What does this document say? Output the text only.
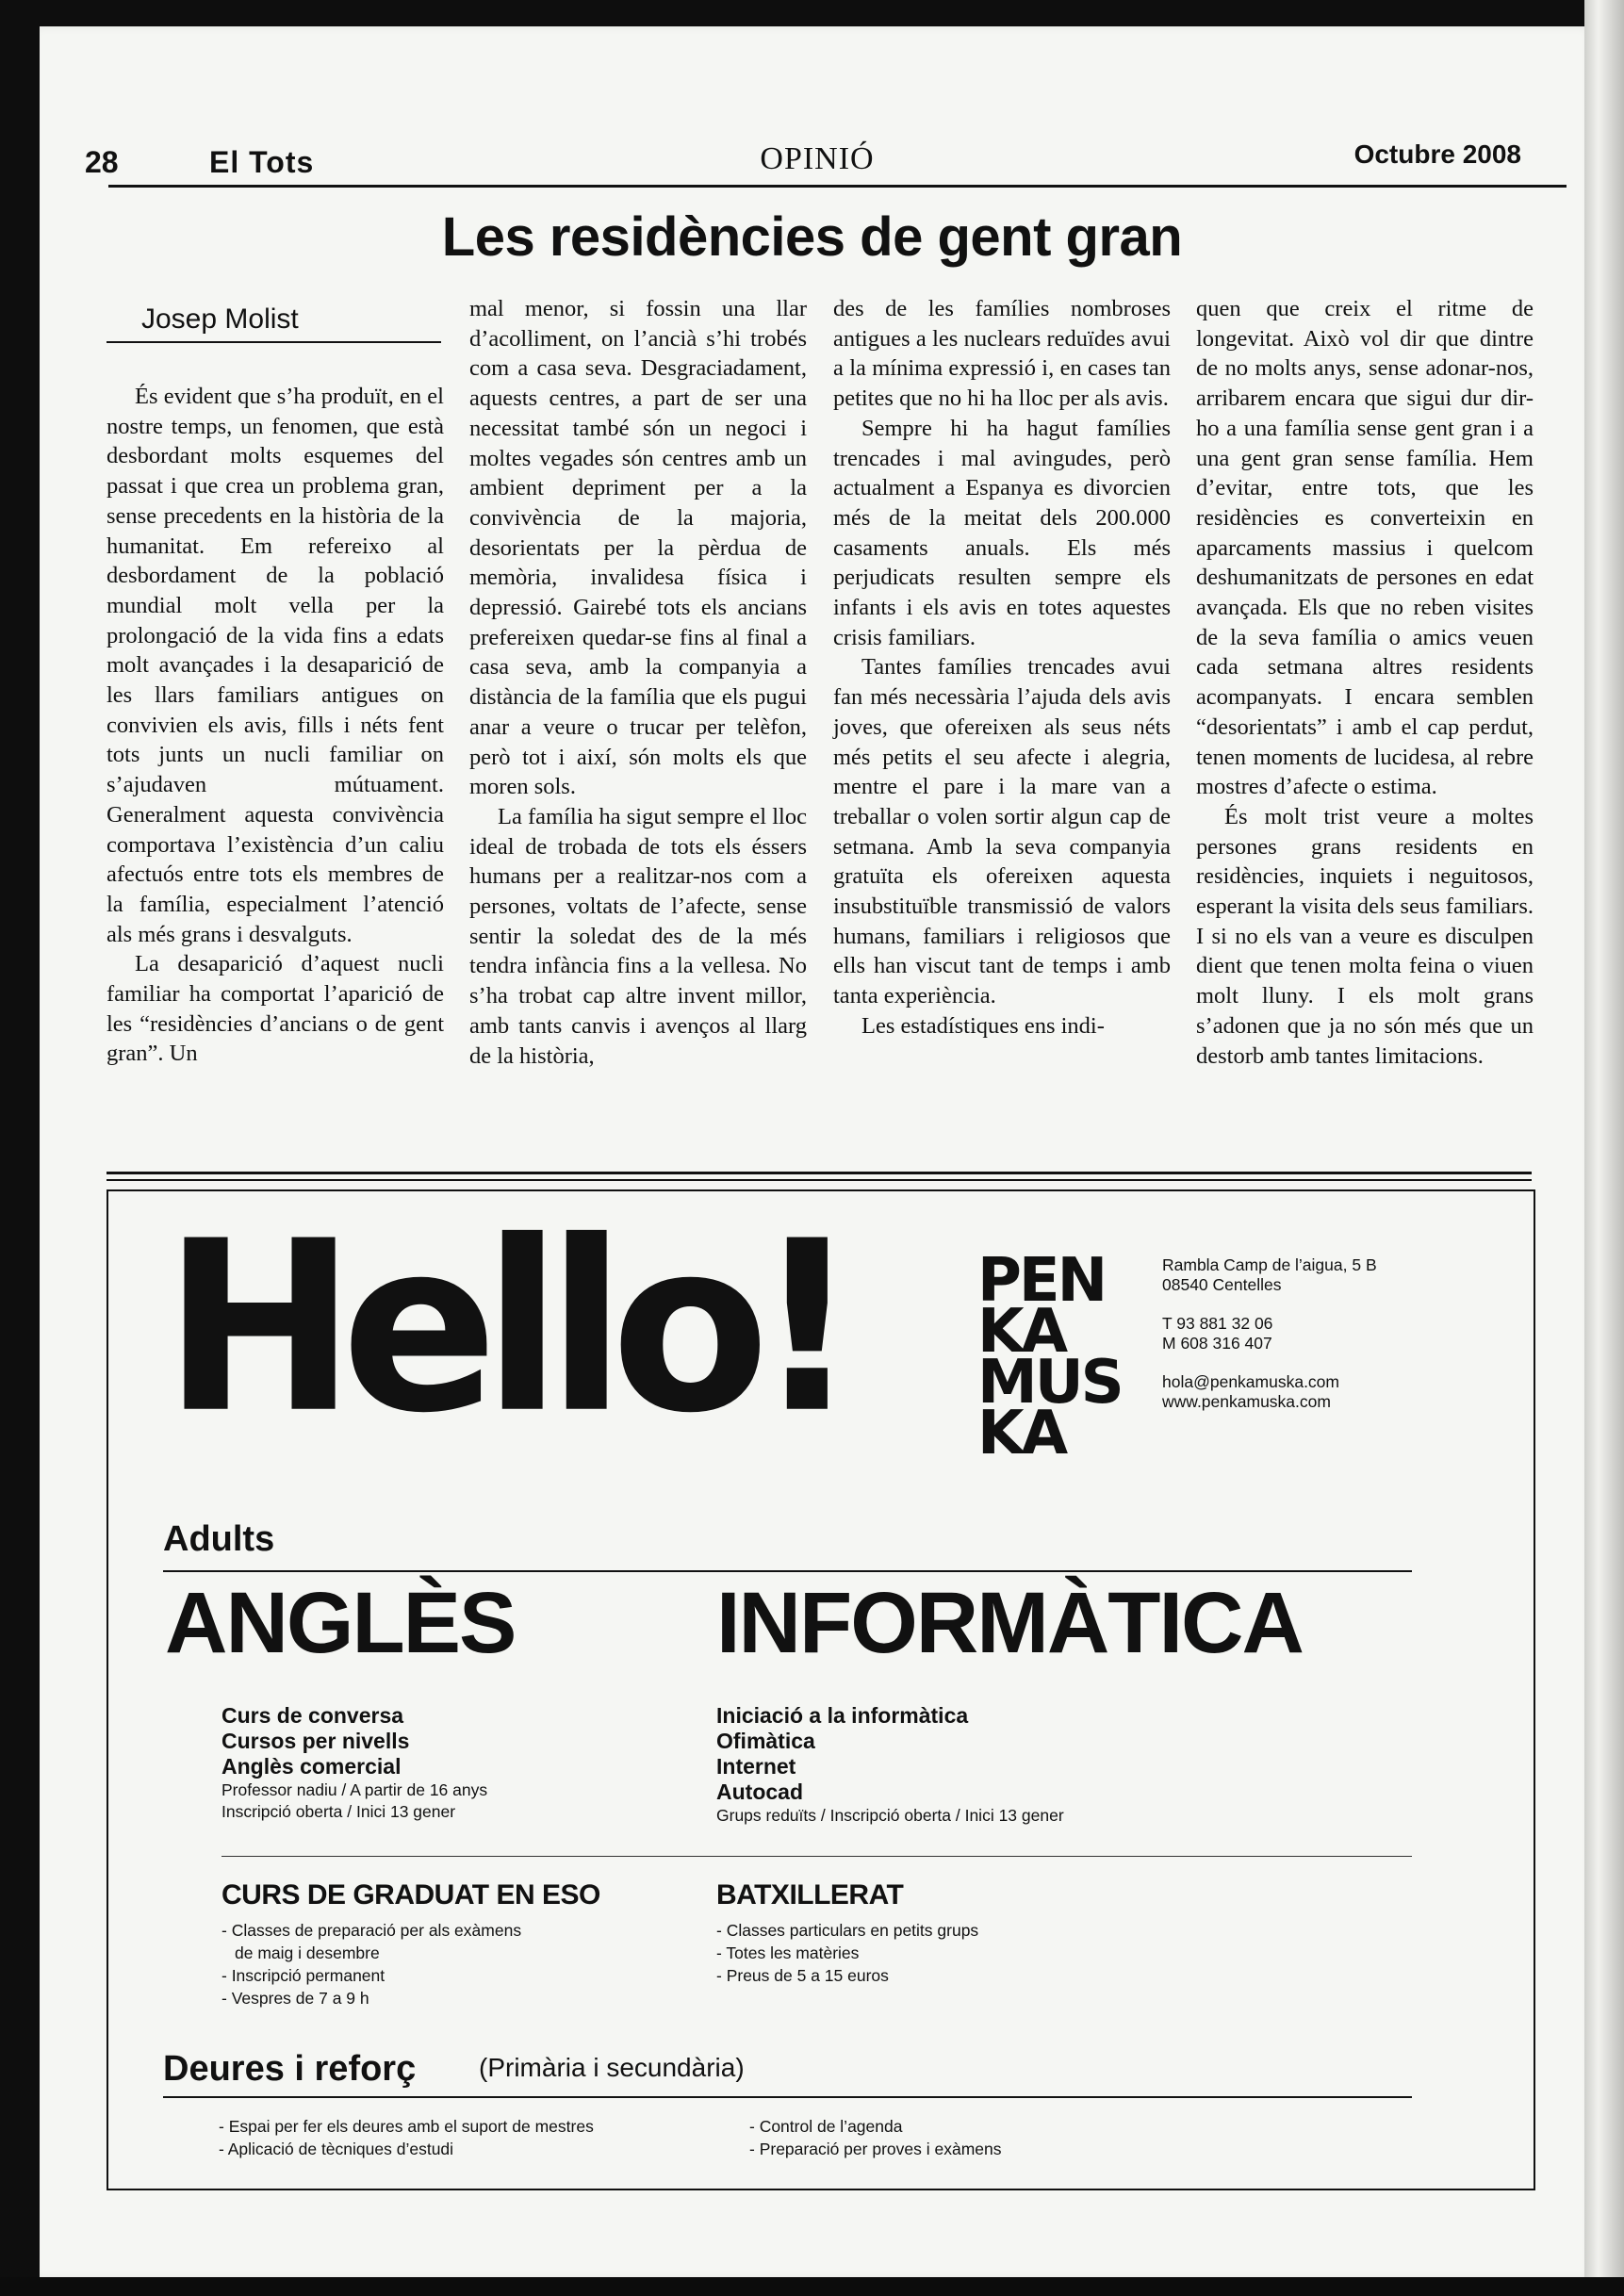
28	El Tots	OPINIÓ	Octubre 2008
Les residències de gent gran
Josep Molist

És evident que s’ha produït, en el nostre temps, un fenomen, que està desbordant molts esquemes del passat i que crea un problema gran, sense precedents en la història de la humanitat. Em refereixo al desbordament de la població mundial molt vella per la prolongació de la vida fins a edats molt avançades i la desaparició de les llars familiars antigues on convivien els avis, fills i néts fent tots junts un nucli familiar on s’ajudaven mútuament. Generalment aquesta convivència comportava l’existència d’un caliu afectuós entre tots els membres de la família, especialment l’atenció als més grans i desvalguts.

La desaparició d’aquest nucli familiar ha comportat l’aparició de les “residències d’ancians o de gent gran”. Un

mal menor, si fossin una llar d’acolliment, on l’ancià s’hi trobés com a casa seva. Desgraciadament, aquests centres, a part de ser una necessitat també són un negoci i moltes vegades són centres amb un ambient depriment per a la convivència de la majoria, desorientats per la pèrdua de memòria, invalidesa física i depressió. Gairebé tots els ancians prefereixen quedar-se fins al final a casa seva, amb la companyia a distància de la família que els pugui anar a veure o trucar per telèfon, però tot i així, són molts els que moren sols.

La família ha sigut sempre el lloc ideal de trobada de tots els éssers humans per a realitzar-nos com a persones, voltats de l’afecte, sense sentir la soledat des de la més tendra infància fins a la vellesa. No s’ha trobat cap altre invent millor, amb tants canvis i avenços al llarg de la història,

des de les famílies nombroses antigues a les nuclears reduïdes avui a la mínima expressió i, en cases tan petites que no hi ha lloc per als avis.

Sempre hi ha hagut famílies trencades i mal avingudes, però actualment a Espanya es divorcien més de la meitat dels 200.000 casaments anuals. Els més perjudicats resulten sempre els infants i els avis en totes aquestes crisis familiars.

Tantes famílies trencades avui fan més necessària l’ajuda dels avis joves, que ofereixen als seus néts més petits el seu afecte i alegria, mentre el pare i la mare van a treballar o volen sortir algun cap de setmana. Amb la seva companyia gratuïta els ofereixen aquesta insubstituïble transmissió de valors humans, familiars i religiosos que ells han viscut tant de temps i amb tanta experiència.

Les estadístiques ens indi-

quen que creix el ritme de longevitat. Això vol dir que dintre de no molts anys, sense adonar-nos, arribarem encara que sigui dur dir-ho a una família sense gent gran i a una gent gran sense família. Hem d’evitar, entre tots, que les residències es converteixin en aparcaments massius i quelcom deshumanitzats de persones en edat avançada. Els que no reben visites de la seva família o amics veuen cada setmana altres residents acompanyats. I encara semblen “desorientats” i amb el cap perdut, tenen moments de lucidesa, al rebre mostres d’afecte o estima.

És molt trist veure a moltes persones grans residents en residències, inquiets i neguitosos, esperant la visita dels seus familiars. I si no els van a veure es disculpen dient que tenen molta feina o viuen molt lluny. I els molt grans s’adonen que ja no són més que un destorb amb tantes limitacions.

Hello! PEN
KA
MUS
KA
Rambla Camp de l’aigua, 5 B
08540 Centelles
T 93 881 32 06
M 608 316 407
hola@penkamuska.com
www.penkamuska.com
Adults
ANGLÈS INFORMÀTICA
Curs de conversa
Cursos per nivells
Anglès comercial
Professor nadiu / A partir de 16 anys
Inscripció oberta / Inici 13 gener
Iniciació a la informàtica
Ofimàtica
Internet
Autocad
Grups reduïts / Inscripció oberta / Inici 13 gener
CURS DE GRADUAT EN ESO	BATXILLERAT
- Classes de preparació per als exàmens
de maig i desembre
- Inscripció permanent
- Vespres de 7 a 9 h
- Classes particulars en petits grups
- Totes les matèries
- Preus de 5 a 15 euros
Deures i reforç (Primària i secundària)
- Espai per fer els deures amb el suport de mestres
- Aplicació de tècniques d’estudi
- Control de l’agenda
- Preparació per proves i exàmens
